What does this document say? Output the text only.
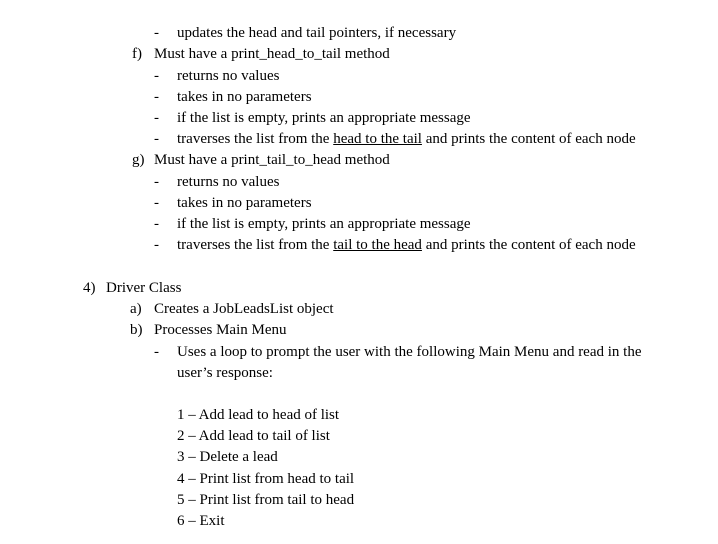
- updates the head and tail pointers, if necessary
f) Must have a print_head_to_tail method
- returns no values
- takes in no parameters
- if the list is empty, prints an appropriate message
- traverses the list from the head to the tail and prints the content of each node
g) Must have a print_tail_to_head method
- returns no values
- takes in no parameters
- if the list is empty, prints an appropriate message
- traverses the list from the tail to the head and prints the content of each node
4) Driver Class
a) Creates a JobLeadsList object
b) Processes Main Menu
- Uses a loop to prompt the user with the following Main Menu and read in the
user’s response:
1 – Add lead to head of list
2 – Add lead to tail of list
3 – Delete a lead
4 – Print list from head to tail
5 – Print list from tail to head
6 – Exit
